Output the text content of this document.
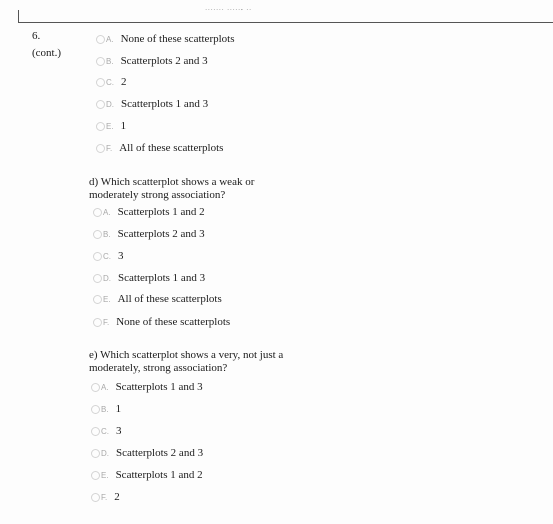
....... ....., ..
6.
(cont.)
A. None of these scatterplots
B. Scatterplots 2 and 3
C. 2
D. Scatterplots 1 and 3
E. 1
F. All of these scatterplots
d) Which scatterplot shows a weak or
moderately strong association?
A. Scatterplots 1 and 2
B. Scatterplots 2 and 3
C. 3
D. Scatterplots 1 and 3
E. All of these scatterplots
F. None of these scatterplots
e) Which scatterplot shows a very, not just a
moderately, strong association?
A. Scatterplots 1 and 3
B. 1
C. 3
D. Scatterplots 2 and 3
E. Scatterplots 1 and 2
F. 2
